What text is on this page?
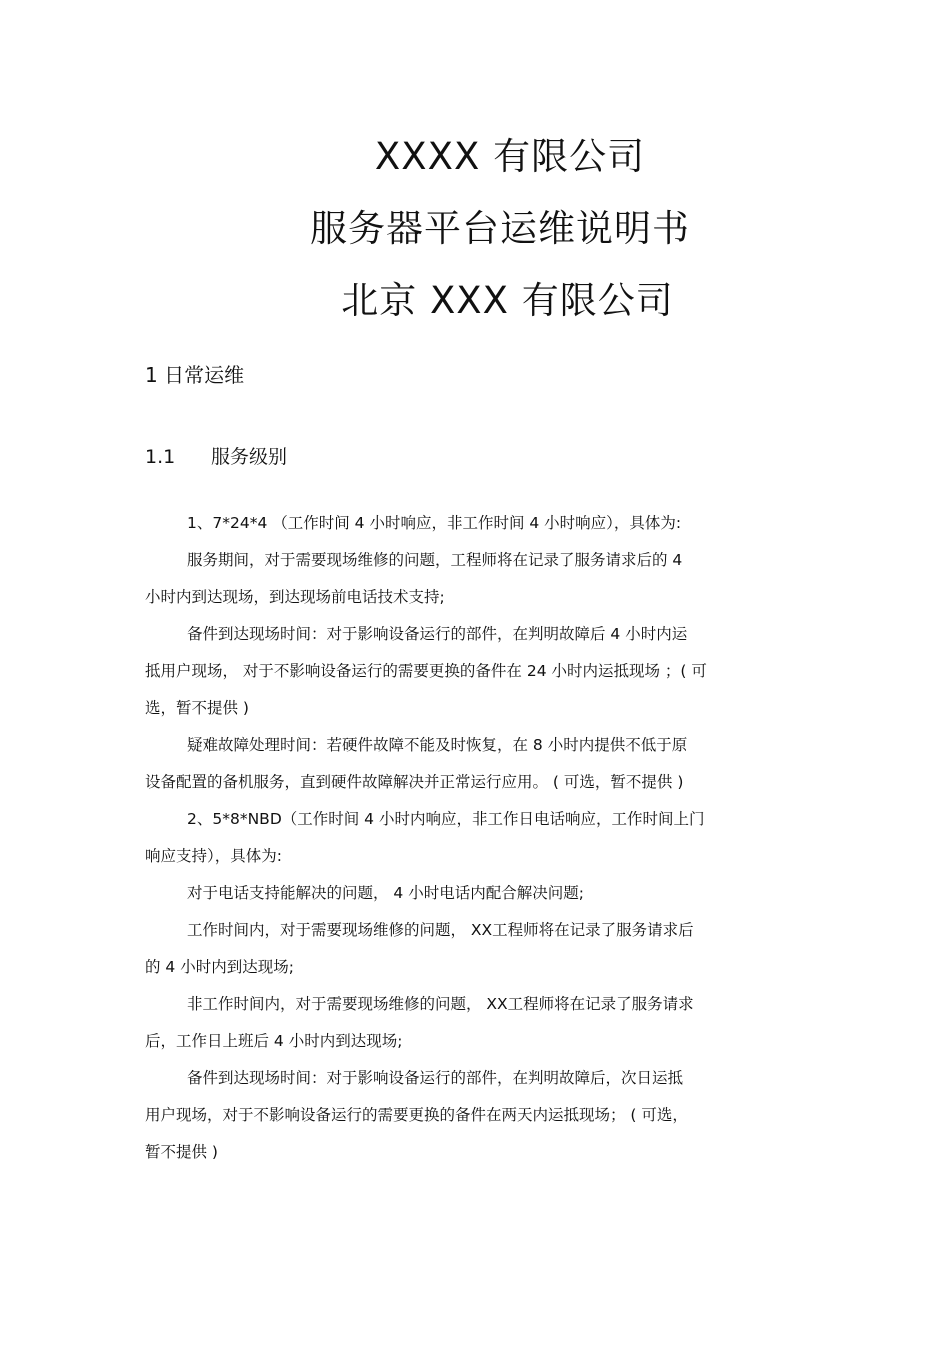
XXXX 有限公司
服务器平台运维说明书
北京 XXX 有限公司
1 日常运维
1.1 服务级别
1、7*24*4 （工作时间 4 小时响应，非工作时间 4 小时响应），具体为:
服务期间，对于需要现场维修的问题，工程师将在记录了服务请求后的 4
小时内到达现场，到达现场前电话技术支持;
备件到达现场时间：对于影响设备运行的部件，在判明故障后 4 小时内运
抵用户现场， 对于不影响设备运行的需要更换的备件在 24 小时内运抵现场 ；( 可
选，暂不提供 )
疑难故障处理时间：若硬件故障不能及时恢复，在 8 小时内提供不低于原
设备配置的备机服务，直到硬件故障解决并正常运行应用。 ( 可选，暂不提供 )
2、5*8*NBD（工作时间 4 小时内响应，非工作日电话响应，工作时间上门
响应支持），具体为:
对于电话支持能解决的问题， 4 小时电话内配合解决问题;
工作时间内，对于需要现场维修的问题， XX工程师将在记录了服务请求后
的 4 小时内到达现场;
非工作时间内，对于需要现场维修的问题， XX工程师将在记录了服务请求
后，工作日上班后 4 小时内到达现场;
备件到达现场时间：对于影响设备运行的部件，在判明故障后，次日运抵
用户现场，对于不影响设备运行的需要更换的备件在两天内运抵现场； ( 可选，
暂不提供 )
